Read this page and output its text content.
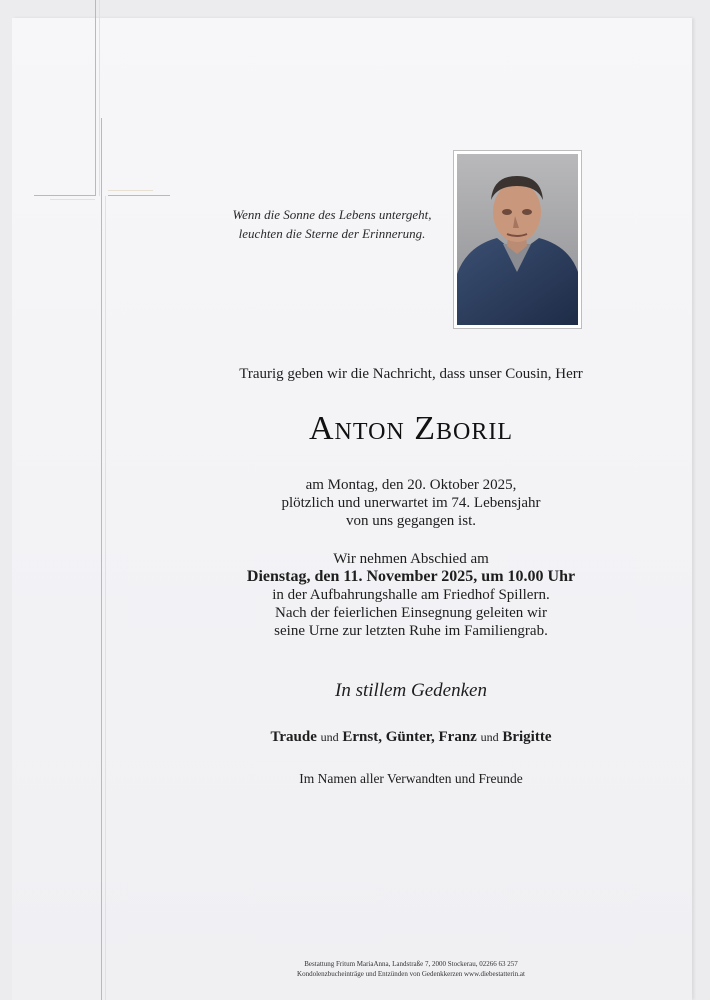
Wenn die Sonne des Lebens untergeht,
leuchten die Sterne der Erinnerung.
Traurig geben wir die Nachricht, dass unser Cousin, Herr
Anton Zboril
am Montag, den 20. Oktober 2025,
plötzlich und unerwartet im 74. Lebensjahr
von uns gegangen ist.
Wir nehmen Abschied am
Dienstag, den 11. November 2025, um 10.00 Uhr
in der Aufbahrungshalle am Friedhof Spillern.
Nach der feierlichen Einsegnung geleiten wir
seine Urne zur letzten Ruhe im Familiengrab.
In stillem Gedenken
Traude und Ernst, Günter, Franz und Brigitte
Im Namen aller Verwandten und Freunde
Bestattung Fritum MariaAnna, Landstraße 7, 2000 Stockerau, 02266 63 257
Kondolenzbucheinträge und Entzünden von Gedenkkerzen www.diebestatterin.at
